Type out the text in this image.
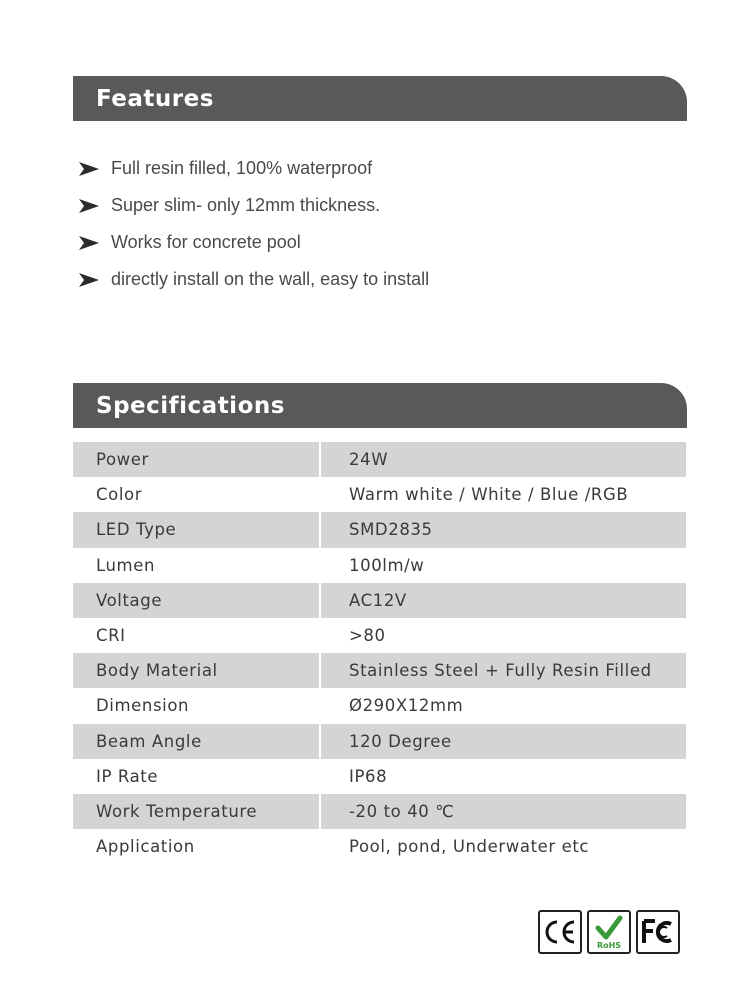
Features
Full resin filled, 100% waterproof
Super slim- only 12mm thickness.
Works for concrete pool
directly install on the wall, easy to install
Specifications
Power	24W
Color	Warm white / White / Blue /RGB
LED Type	SMD2835
Lumen	100lm/w
Voltage	AC12V
CRI	>80
Body Material	Stainless Steel + Fully Resin Filled
Dimension	Ø290X12mm
Beam Angle	120 Degree
IP Rate	IP68
Work Temperature	-20 to 40 ℃
Application	Pool, pond, Underwater etc
RoHS
